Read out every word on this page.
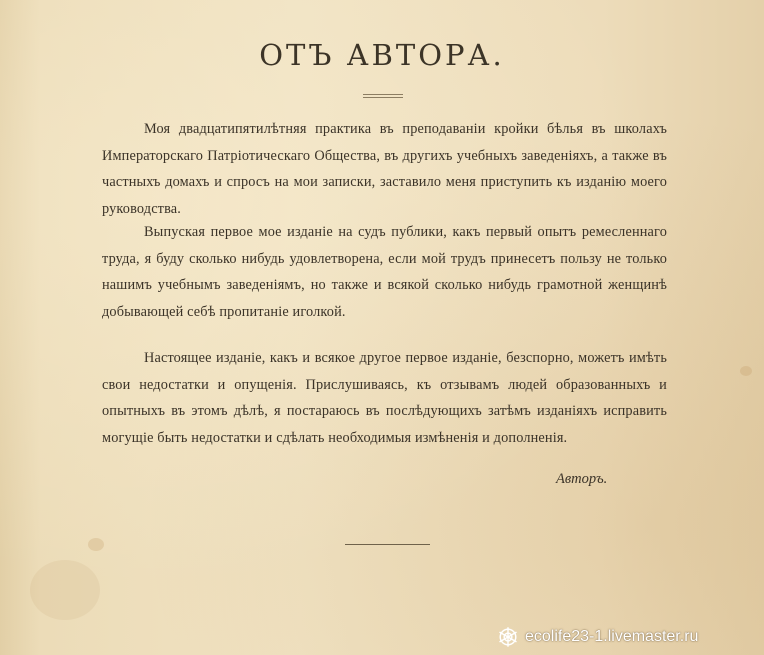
ОТЪ АВТОРА.

Моя двадцатипятилѣтняя практика въ преподаваніи кройки бѣлья въ школахъ Императорскаго Патріотическаго Общества, въ другихъ учебныхъ заведеніяхъ, а также въ частныхъ домахъ и спросъ на мои записки, заставило меня приступить къ изданію моего руководства.

Выпуская первое мое изданіе на судъ публики, какъ первый опытъ ремесленнаго труда, я буду сколько нибудь удовлетворена, если мой трудъ принесетъ пользу не только нашимъ учебнымъ заведеніямъ, но также и всякой сколько нибудь грамотной женщинѣ добывающей себѣ пропитаніе иголкой.

Настоящее изданіе, какъ и всякое другое первое изданіе, безспорно, можетъ имѣть свои недостатки и опущенія. Прислушиваясь, къ отзывамъ людей образованныхъ и опытныхъ въ этомъ дѣлѣ, я постараюсь въ послѣдующихъ затѣмъ изданіяхъ исправить могущіе быть недостатки и сдѣлать необходимыя измѣненія и дополненія.

Авторъ.
ecolife23-1.livemaster.ru
